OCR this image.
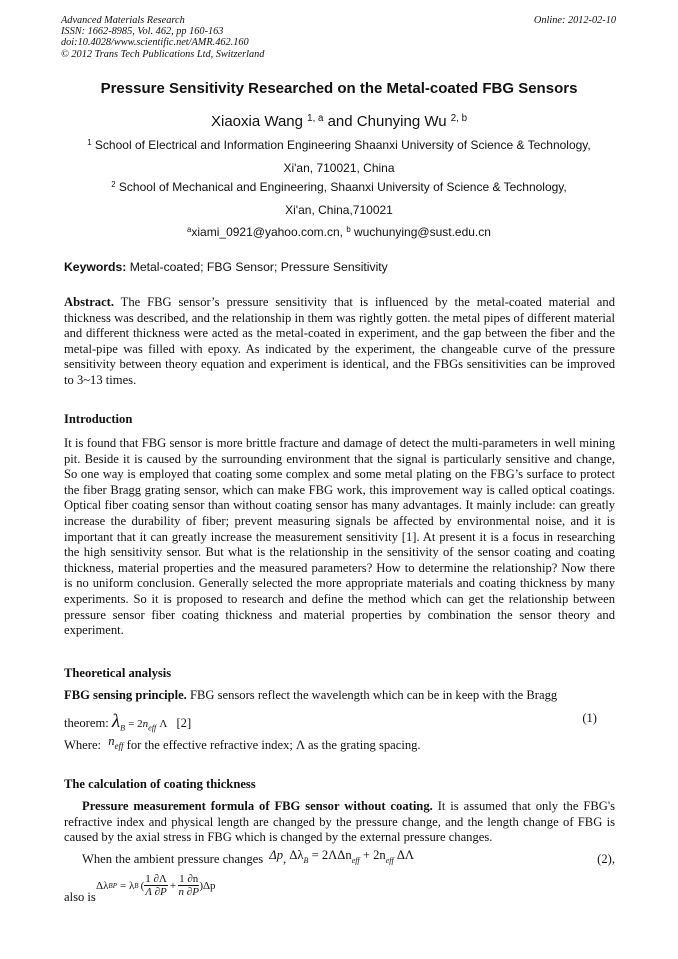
Advanced Materials Research
ISSN: 1662-8985, Vol. 462, pp 160-163
doi:10.4028/www.scientific.net/AMR.462.160
© 2012 Trans Tech Publications Ltd, Switzerland
Online: 2012-02-10
Pressure Sensitivity Researched on the Metal-coated FBG Sensors
Xiaoxia Wang $^{1, a}$ and Chunying Wu $^{2, b}$
$^1$ School of Electrical and Information Engineering Shaanxi University of Science & Technology,
Xi'an, 710021, China
$^2$ School of Mechanical and Engineering, Shaanxi University of Science & Technology,
Xi'an, China,710021
$^a$xiami_0921@yahoo.com.cn, $^b$ wuchunying@sust.edu.cn
Keywords: Metal-coated; FBG Sensor; Pressure Sensitivity

Abstract. The FBG sensor’s pressure sensitivity that is influenced by the metal-coated material and thickness was described, and the relationship in them was rightly gotten. the metal pipes of different material and different thickness were acted as the metal-coated in experiment, and the gap between the fiber and the metal-pipe was filled with epoxy. As indicated by the experiment, the changeable curve of the pressure sensitivity between theory equation and experiment is identical, and the FBGs sensitivities can be improved to 3~13 times.

Introduction

It is found that FBG sensor is more brittle fracture and damage of detect the multi-parameters in well mining pit. Beside it is caused by the surrounding environment that the signal is particularly sensitive and change, So one way is employed that coating some complex and some metal plating on the FBG’s surface to protect the fiber Bragg grating sensor, which can make FBG work, this improvement way is called optical coatings. Optical fiber coating sensor than without coating sensor has many advantages. It mainly include: can greatly increase the durability of fiber; prevent measuring signals be affected by environmental noise, and it is important that it can greatly increase the measurement sensitivity [1]. At present it is a focus in researching the high sensitivity sensor. But what is the relationship in the sensitivity of the sensor coating and coating thickness, material properties and the measured parameters? How to determine the relationship? Now there is no uniform conclusion. Generally selected the more appropriate materials and coating thickness by many experiments. So it is proposed to research and define the method which can get the relationship between pressure sensor fiber coating thickness and material properties by combination the sensor theory and experiment.

Theoretical analysis

FBG sensing principle. FBG sensors reflect the wavelength which can be in keep with the Bragg

theorem: $\lambda_B = 2n_{eff}$ Λ [2]	(1)
Where: $n_{eff}$ for the effective refractive index; Λ as the grating spacing.
The calculation of coating thickness

Pressure measurement formula of FBG sensor without coating. It is assumed that only the FBG's refractive index and physical length are changed by the pressure change, and the length change of FBG is caused by the axial stress in FBG which is changed by the external pressure changes.

When the ambient pressure changes Δp, $\Delta\lambda_B = 2\Lambda\Delta n_{eff} + 2n_{eff}$ ΔΛ	(2),
Δλ BP = λ B ( $\frac{1 \partial\Lambda}{\Lambda \partial P} + \frac{1 \partial n}{n \partial P} )\Delta p$
also is
